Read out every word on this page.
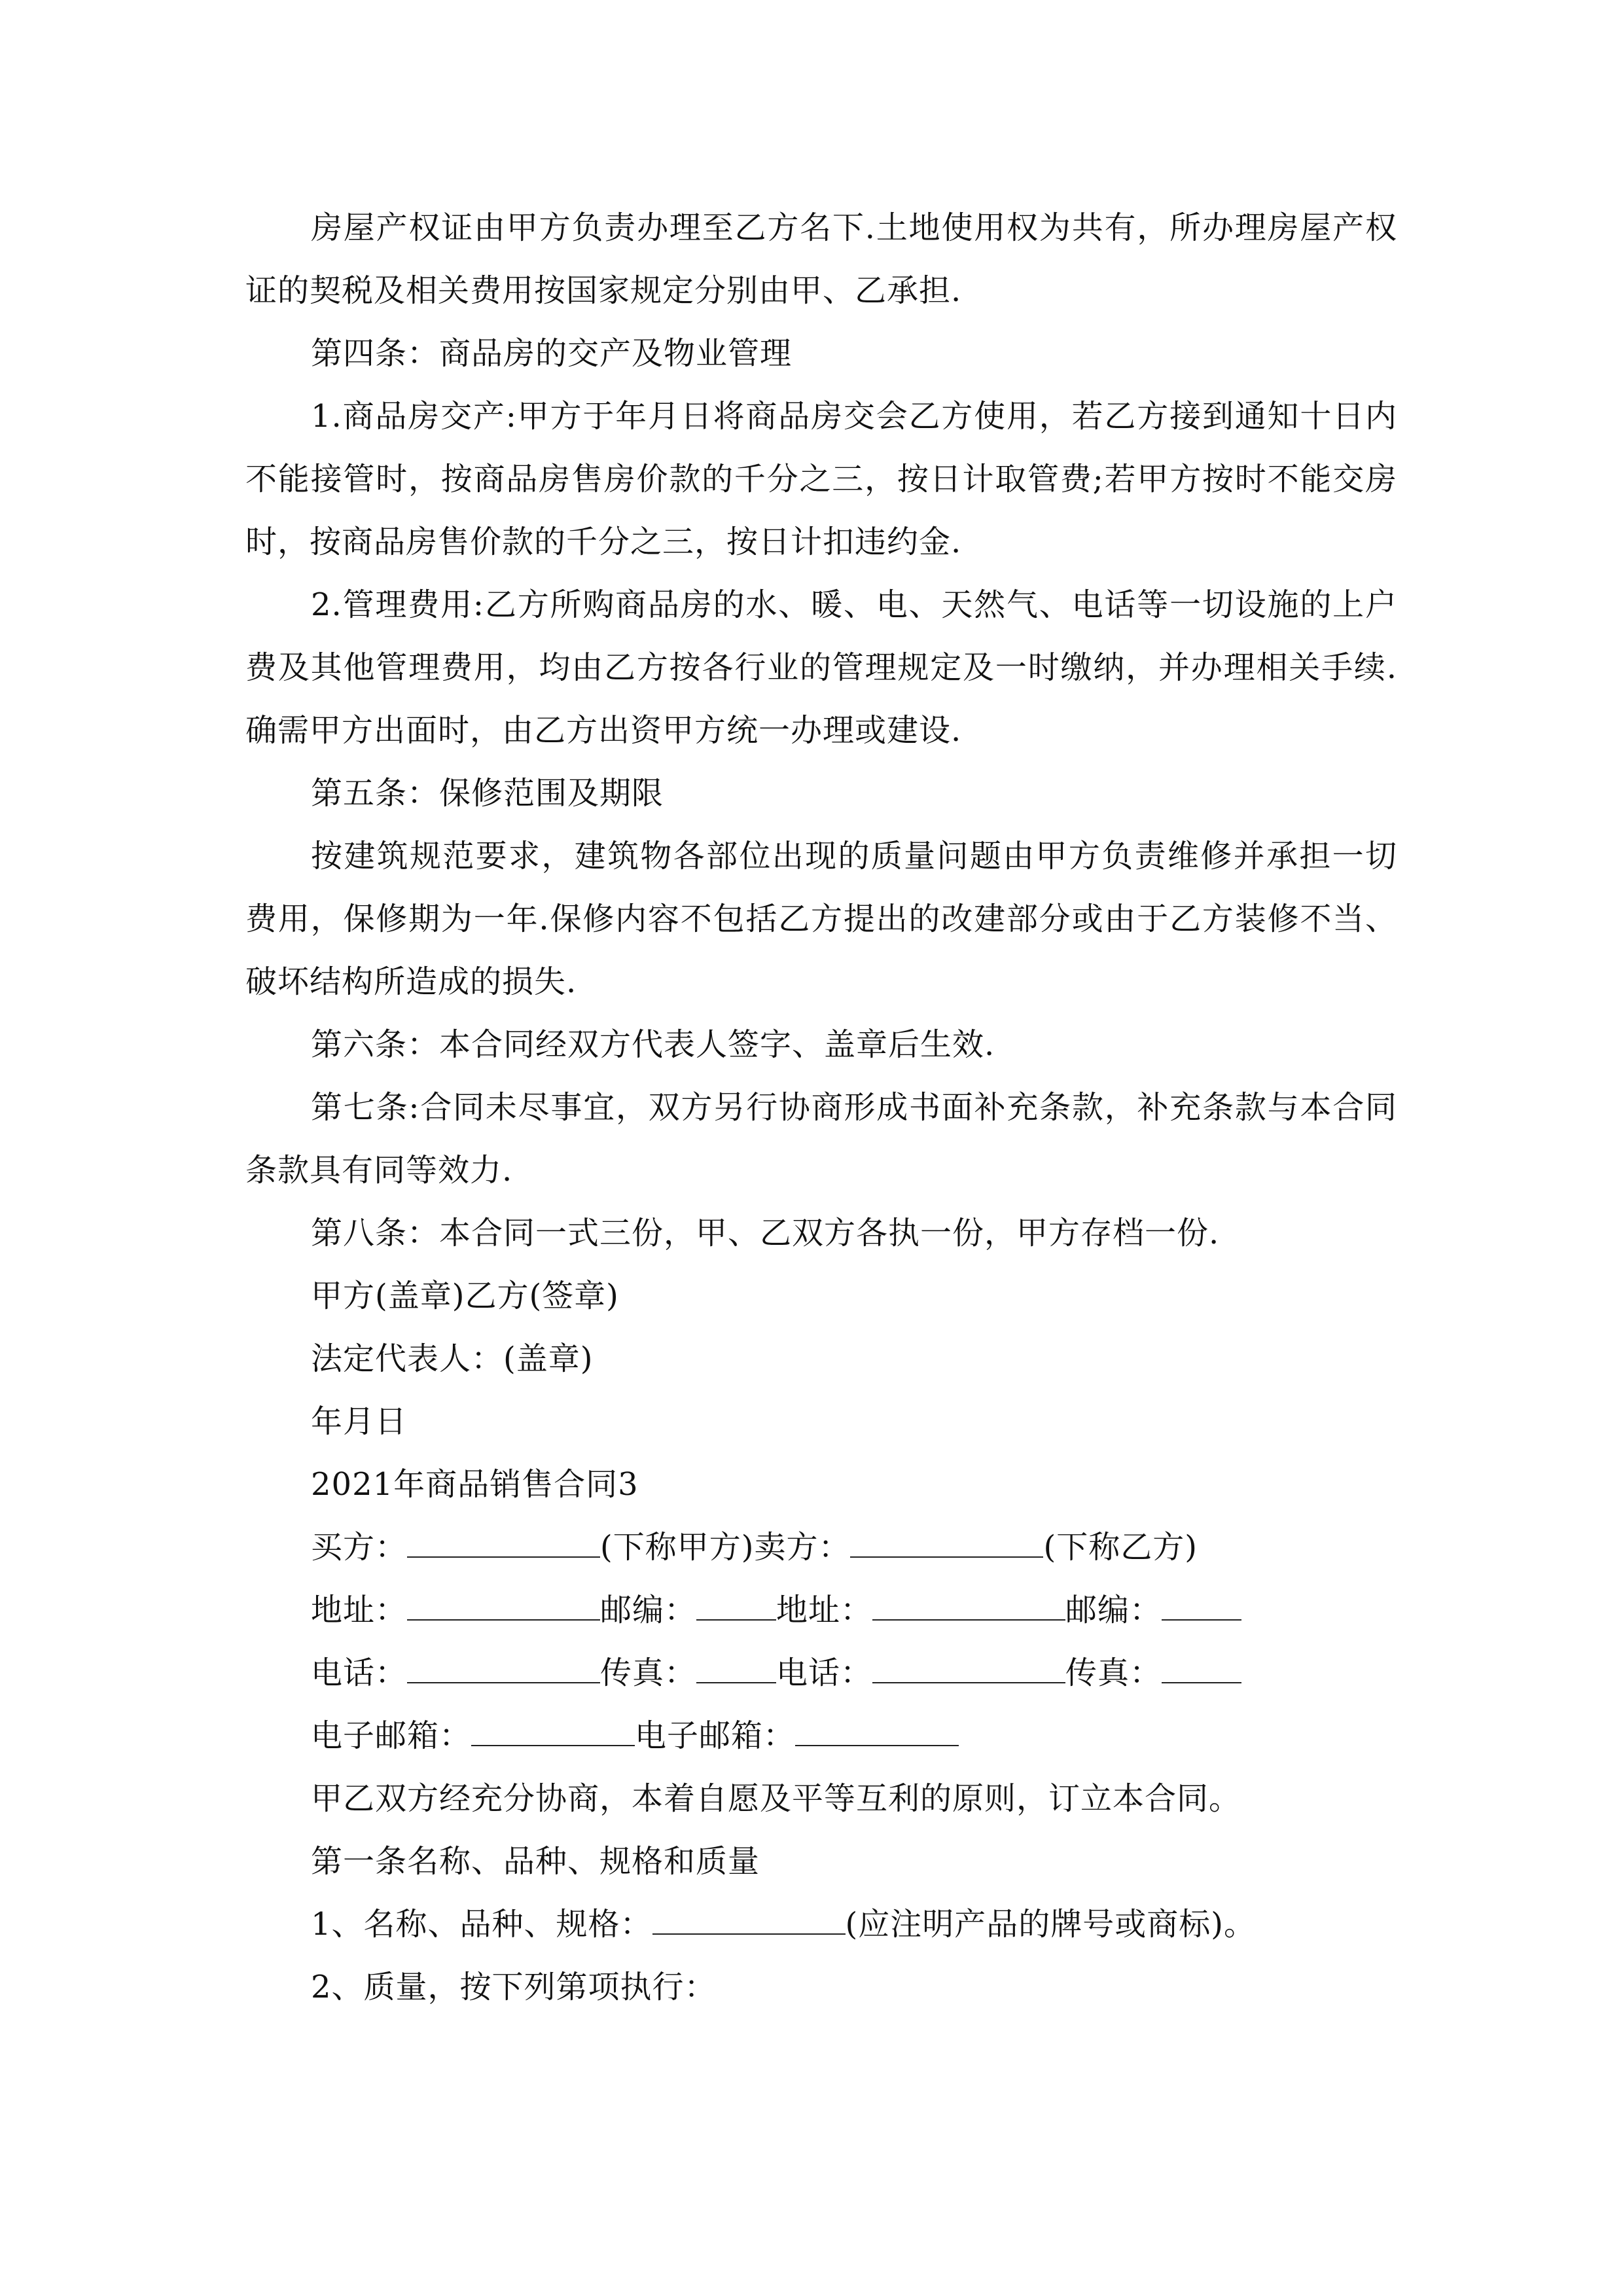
房屋产权证由甲方负责办理至乙方名下.土地使用权为共有，所办理房屋产权证的契税及相关费用按国家规定分别由甲、乙承担.

第四条：商品房的交产及物业管理

1.商品房交产:甲方于年月日将商品房交会乙方使用，若乙方接到通知十日内不能接管时，按商品房售房价款的千分之三，按日计取管费;若甲方按时不能交房时，按商品房售价款的千分之三，按日计扣违约金.

2.管理费用:乙方所购商品房的水、暖、电、天然气、电话等一切设施的上户费及其他管理费用，均由乙方按各行业的管理规定及一时缴纳，并办理相关手续.确需甲方出面时，由乙方出资甲方统一办理或建设.

第五条：保修范围及期限

按建筑规范要求，建筑物各部位出现的质量问题由甲方负责维修并承担一切费用，保修期为一年.保修内容不包括乙方提出的改建部分或由于乙方装修不当、破坏结构所造成的损失.

第六条：本合同经双方代表人签字、盖章后生效.

第七条:合同未尽事宜，双方另行协商形成书面补充条款，补充条款与本合同条款具有同等效力.

第八条：本合同一式三份，甲、乙双方各执一份，甲方存档一份.

甲方(盖章)乙方(签章)

法定代表人：(盖章)

年月日

2021年商品销售合同3

买方：	(下称甲方)卖方：	(下称乙方)

地址：	邮编：	地址：	邮编：

电话：	传真：	电话：	传真：

电子邮箱：	电子邮箱：

甲乙双方经充分协商，本着自愿及平等互利的原则，订立本合同。

第一条名称、品种、规格和质量

1、名称、品种、规格：	(应注明产品的牌号或商标)。

2、质量，按下列第项执行：
